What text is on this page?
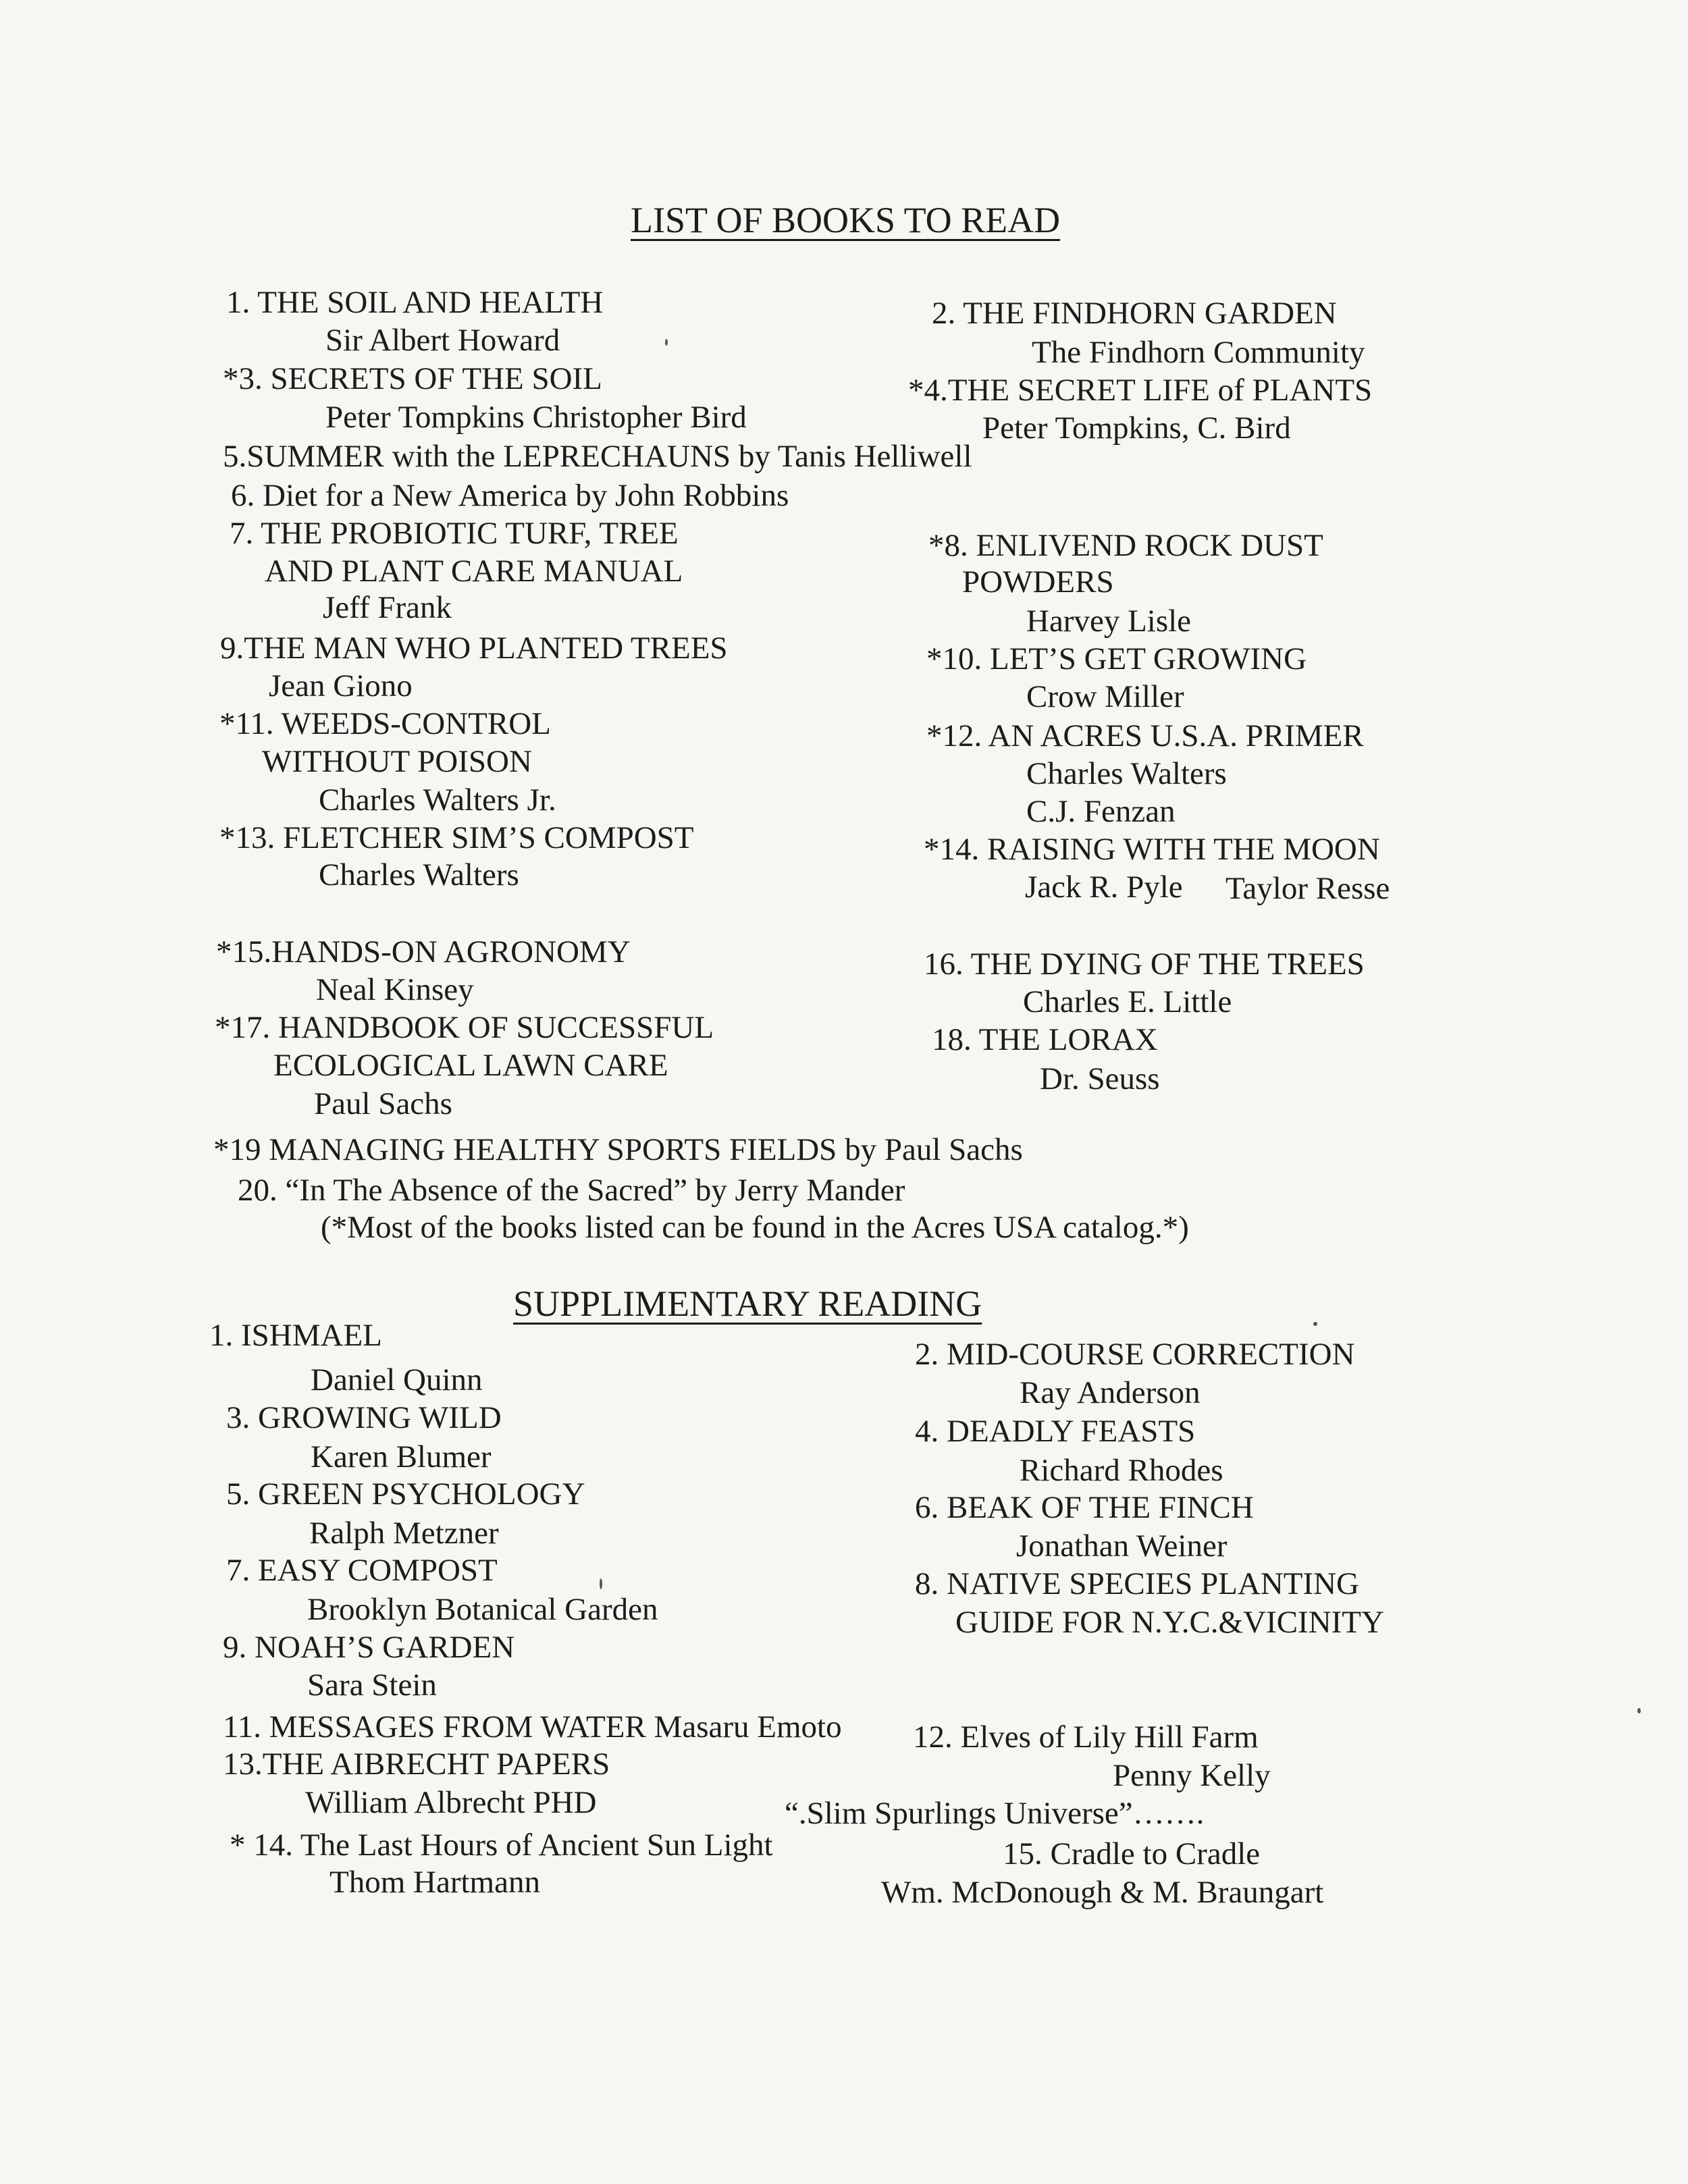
LIST OF BOOKS TO READ
1. THE SOIL AND HEALTH
Sir Albert Howard
2. THE FINDHORN GARDEN
The Findhorn Community
*3. SECRETS OF THE SOIL
Peter Tompkins Christopher Bird
*4.THE SECRET LIFE of PLANTS
Peter Tompkins, C. Bird
5.SUMMER with the LEPRECHAUNS by Tanis Helliwell
6. Diet for a New America by John Robbins
7. THE PROBIOTIC TURF, TREE
AND PLANT CARE MANUAL
Jeff Frank
*8. ENLIVEND ROCK DUST
POWDERS
Harvey Lisle
9.THE MAN WHO PLANTED TREES
Jean Giono
*10. LET’S GET GROWING
Crow Miller
*11. WEEDS-CONTROL
WITHOUT POISON
Charles Walters Jr.
*12. AN ACRES U.S.A. PRIMER
Charles Walters
C.J. Fenzan
*13. FLETCHER SIM’S COMPOST
Charles Walters
*14. RAISING WITH THE MOON
Jack R. Pyle Taylor Resse
*15.HANDS-ON AGRONOMY
Neal Kinsey
16. THE DYING OF THE TREES
Charles E. Little
*17. HANDBOOK OF SUCCESSFUL
ECOLOGICAL LAWN CARE
Paul Sachs
18. THE LORAX
Dr. Seuss
*19 MANAGING HEALTHY SPORTS FIELDS by Paul Sachs
20. “In The Absence of the Sacred” by Jerry Mander
(*Most of the books listed can be found in the Acres USA catalog.*)
SUPPLIMENTARY READING
1. ISHMAEL
Daniel Quinn
2. MID-COURSE CORRECTION
Ray Anderson
3. GROWING WILD
Karen Blumer
4. DEADLY FEASTS
Richard Rhodes
5. GREEN PSYCHOLOGY
Ralph Metzner
6. BEAK OF THE FINCH
Jonathan Weiner
7. EASY COMPOST
Brooklyn Botanical Garden
8. NATIVE SPECIES PLANTING
GUIDE FOR N.Y.C.&VICINITY
9. NOAH’S GARDEN
Sara Stein
11. MESSAGES FROM WATER Masaru Emoto 12. Elves of Lily Hill Farm
Penny Kelly
13.THE AIBRECHT PAPERS
William Albrecht PHD	“.Slim Spurlings Universe”…….
* 14. The Last Hours of Ancient Sun Light
Thom Hartmann
15. Cradle to Cradle
Wm. McDonough & M. Braungart
